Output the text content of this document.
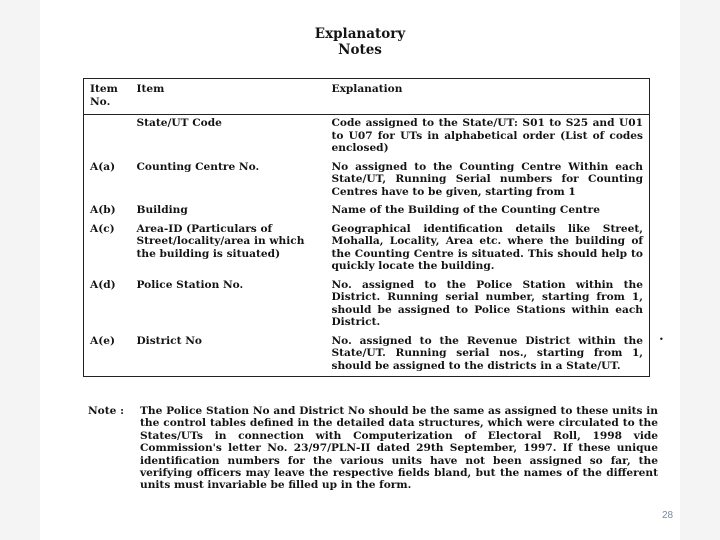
Explanatory
Notes
Item No.	Item	Explanation
	State/UT Code	Code assigned to the State/UT: S01 to S25 and U01 to U07 for UTs in alphabetical order (List of codes enclosed)

A(a)	Counting Centre No.	No assigned to the Counting Centre Within each State/UT, Running Serial numbers for Counting Centres have to be given, starting from 1
A(b)	Building	Name of the Building of the Counting Centre
A(c)	Area-ID (Particulars of Street/locality/area in which the building is situated)	Geographical identification details like Street, Mohalla, Locality, Area etc. where the building of the Counting Centre is situated. This should help to quickly locate the building.
A(d)	Police Station No.	No. assigned to the Police Station within the District. Running serial number, starting from 1, should be assigned to Police Stations within each District.
A(e)	District No	No. assigned to the Revenue District within the State/UT. Running serial nos., starting from 1, should be assigned to the districts in a State/UT.
•
Note : The Police Station No and District No should be the same as assigned to these units in the control tables defined in the detailed data structures, which were circulated to the States/UTs in connection with Computerization of Electoral Roll, 1998 vide Commission's letter No. 23/97/PLN-II dated 29th September, 1997. If these unique identification numbers for the various units have not been assigned so far, the verifying officers may leave the respective fields bland, but the names of the different units must invariable be filled up in the form.
28
